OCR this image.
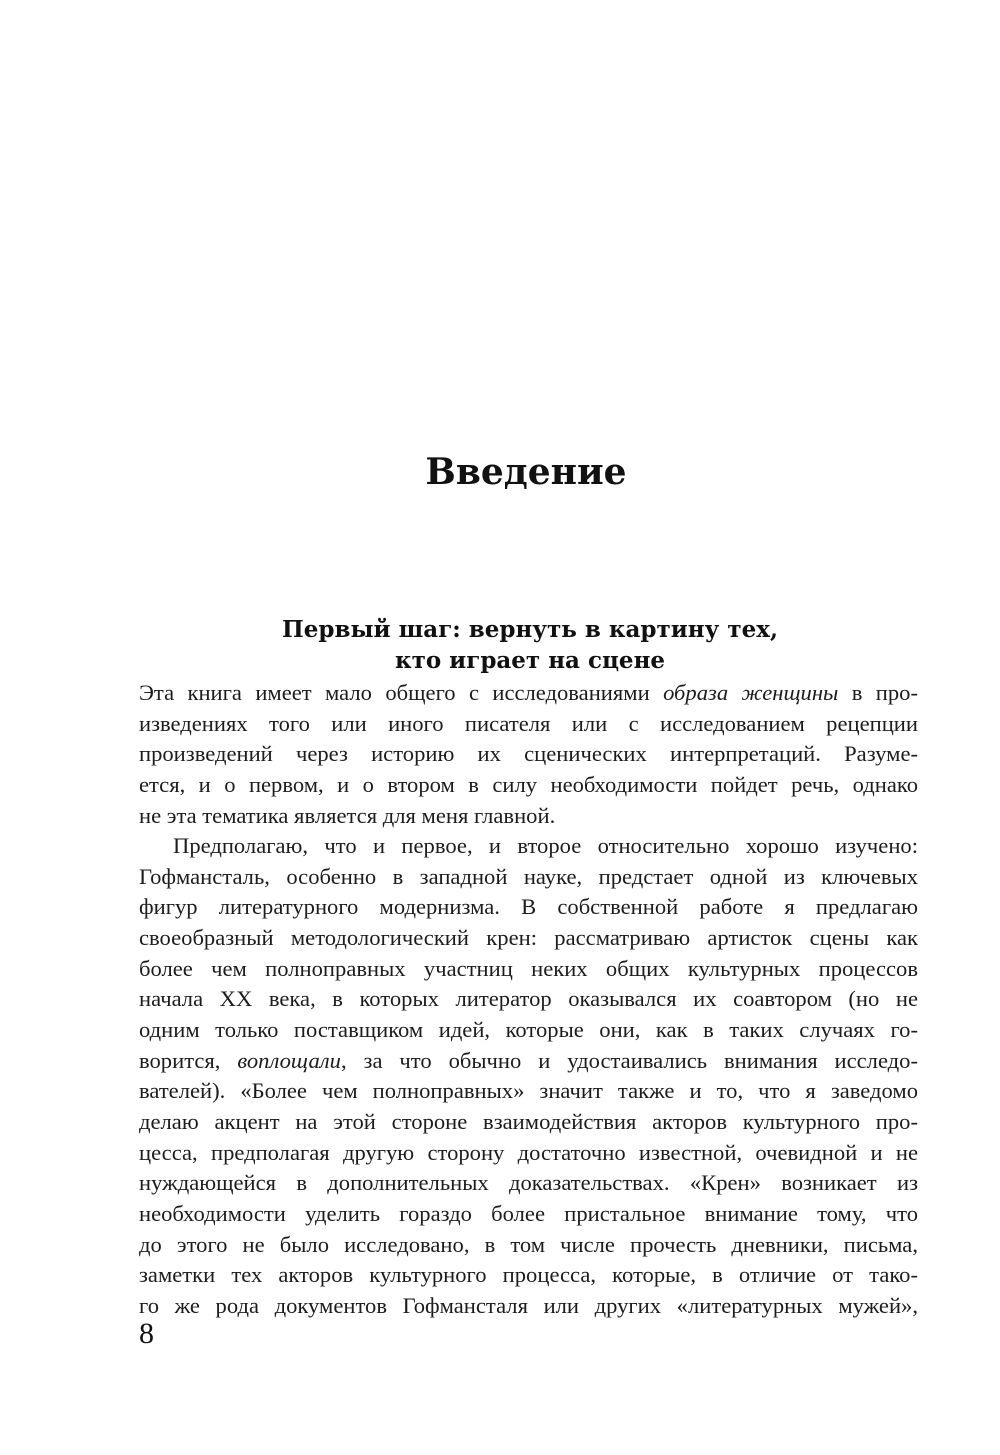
Введение
Первый шаг: вернуть в картину тех,
кто играет на сцене
Эта книга имеет мало общего с исследованиями образа женщины в про-
изведениях того или иного писателя или с исследованием рецепции
произведений через историю их сценических интерпретаций. Разуме-
ется, и о первом, и о втором в силу необходимости пойдет речь, однако
не эта тематика является для меня главной.
Предполагаю, что и первое, и второе относительно хорошо изучено:
Гофмансталь, особенно в западной науке, предстает одной из ключевых
фигур литературного модернизма. В собственной работе я предлагаю
своеобразный методологический крен: рассматриваю артисток сцены как
более чем полноправных участниц неких общих культурных процессов
начала XX века, в которых литератор оказывался их соавтором (но не
одним только поставщиком идей, которые они, как в таких случаях го-
ворится, воплощали, за что обычно и удостаивались внимания исследо-
вателей). «Более чем полноправных» значит также и то, что я заведомо
делаю акцент на этой стороне взаимодействия акторов культурного про-
цесса, предполагая другую сторону достаточно известной, очевидной и не
нуждающейся в дополнительных доказательствах. «Крен» возникает из
необходимости уделить гораздо более пристальное внимание тому, что
до этого не было исследовано, в том числе прочесть дневники, письма,
заметки тех акторов культурного процесса, которые, в отличие от тако-
го же рода документов Гофмансталя или других «литературных мужей»,
8
